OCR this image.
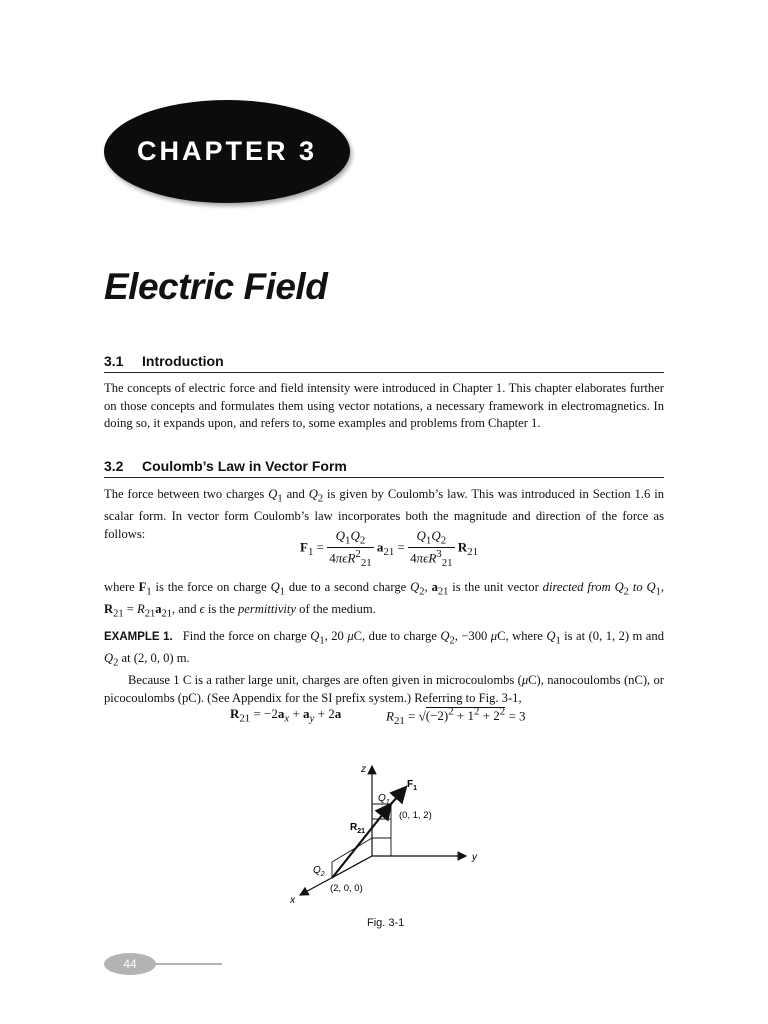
CHAPTER 3
Electric Field
3.1 Introduction

The concepts of electric force and field intensity were introduced in Chapter 1. This chapter elaborates further on those concepts and formulates them using vector notations, a necessary framework in electromagnetics. In doing so, it expands upon, and refers to, some examples and problems from Chapter 1.

3.2 Coulomb’s Law in Vector Form

The force between two charges $Q_1$ and $Q_2$ is given by Coulomb’s law. This was introduced in Section 1.6 in scalar form. In vector form Coulomb’s law incorporates both the magnitude and direction of the force as follows:

$F_1 = \frac{Q_1Q_2}{4\pi\epsilon R^2_{21}} a_{21} = \frac{Q_1Q_2}{4\pi\epsilon R^3_{21}} R_{21}$

where $F_1$ is the force on charge $Q_1$ due to a second charge $Q_2$, $a_{21}$ is the unit vector directed from $Q_2$ to $Q_1$, $R_{21} = R_{21}a_{21}$, and ϵ is the permittivity of the medium.

EXAMPLE 1. Find the force on charge $Q_1$, 20 μC, due to charge $Q_2$, −300 μC, where $Q_1$ is at (0, 1, 2) m and $Q_2$ at (2, 0, 0) m.

Because 1 C is a rather large unit, charges are often given in microcoulombs (μC), nanocoulombs (nC), or picocoulombs (pC). (See Appendix for the SI prefix system.) Referring to Fig. 3-1,

$R_{21} = -2a_x + a_y + 2a$	$R_{21} = √(-2)^2 + 1^2 + 2^2 = 3$
z
y
x
$F_1$
$Q_1$
(0, 1, 2)
$R_{21}$
$Q_2$
(2, 0, 0)
Fig. 3-1
44
